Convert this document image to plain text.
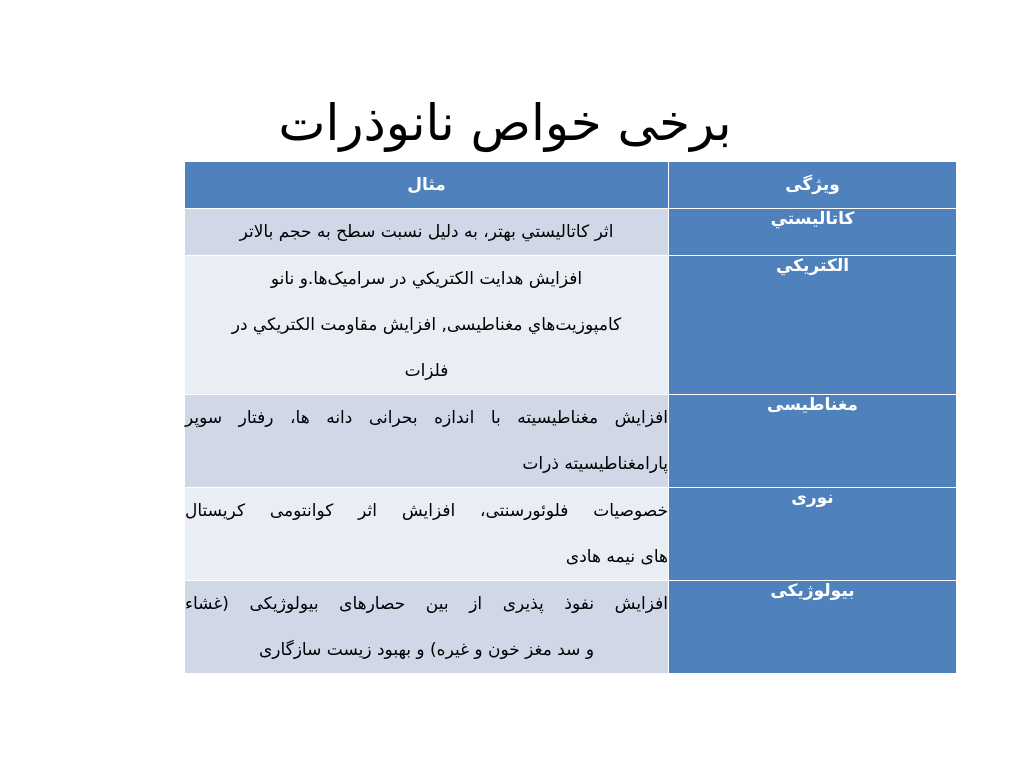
برخی خواص نانوذرات
ويژگی	مثال
كاتاليستي	اثر كاتاليستي بهتر، به دليل نسبت سطح به حجم بالاتر

الكتريكي	افزايش هدايت الكتريكي در سراميک‌ها.و نانو
كامپوزيت‌هاي مغناطيسی, افزايش مقاومت الكتريكي در
فلزات

مغناطيسی	افزايش مغناطيسيته با اندازه بحرانی دانه ها، رفتار سوپر
پارامغناطيسيته ذرات

نوری	خصوصيات فلوئورسنتی، افزايش اثر كوانتومی كريستال
های نيمه هادی

بيولوژيکی	افزايش نفوذ پذيری از بين حصارهای بيولوژيکی (غشاء
و سد مغز خون و غيره) و بهبود زيست سازگاری
